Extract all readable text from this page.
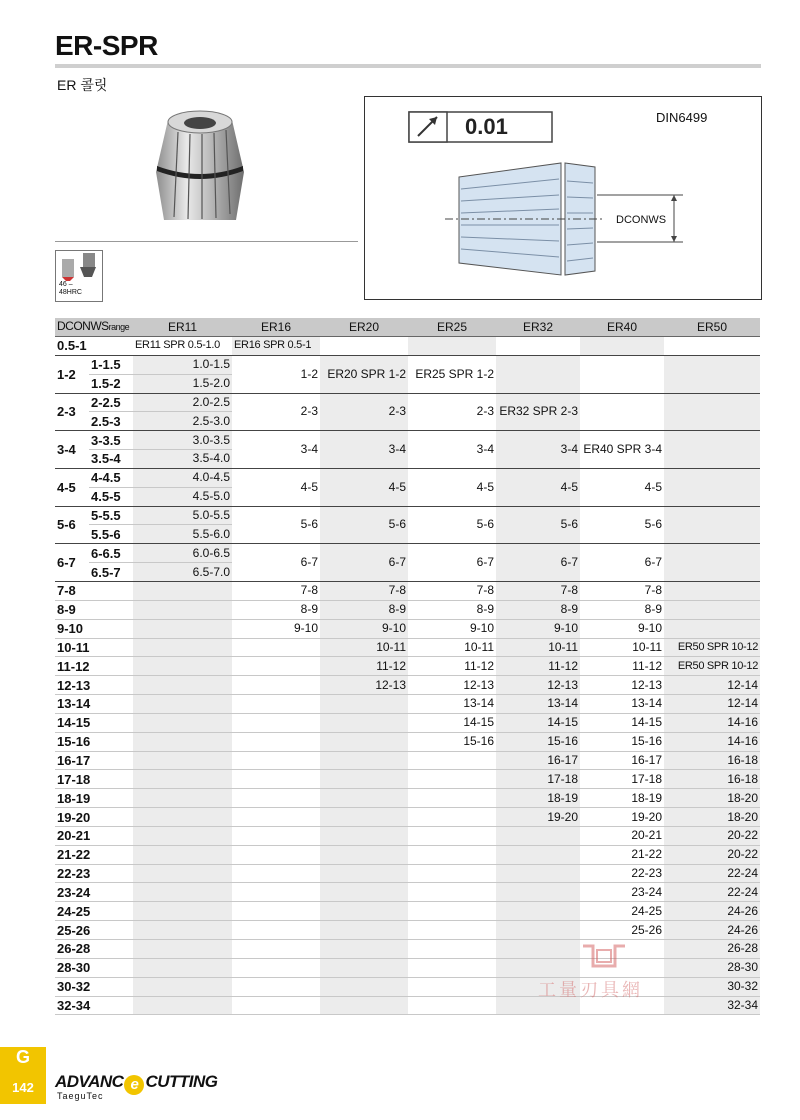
ER-SPR
ER 콜릿
46 –
48HRC
0.01	DIN6499
DCONWS
DCONWSrange		ER11	ER16	ER20	ER25	ER32	ER40	ER50
0.5-1		ER11 SPR 0.5-1.0	ER16 SPR 0.5-1					
1-2	1-1.5	1.0-1.5	1-2	ER20 SPR 1-2	ER25 SPR 1-2			
	1.5-2	1.5-2.0						
2-3	2-2.5	2.0-2.5	2-3	2-3	2-3	ER32 SPR 2-3		
	2.5-3	2.5-3.0						
3-4	3-3.5	3.0-3.5	3-4	3-4	3-4	3-4	ER40 SPR 3-4	
	3.5-4	3.5-4.0						
4-5	4-4.5	4.0-4.5	4-5	4-5	4-5	4-5	4-5	
	4.5-5	4.5-5.0						
5-6	5-5.5	5.0-5.5	5-6	5-6	5-6	5-6	5-6	
	5.5-6	5.5-6.0						
6-7	6-6.5	6.0-6.5	6-7	6-7	6-7	6-7	6-7	
	6.5-7	6.5-7.0						
7-8			7-8	7-8	7-8	7-8	7-8	
8-9			8-9	8-9	8-9	8-9	8-9	
9-10			9-10	9-10	9-10	9-10	9-10	
10-11				10-11	10-11	10-11	10-11	ER50 SPR 10-12
11-12				11-12	11-12	11-12	11-12	ER50 SPR 10-12
12-13				12-13	12-13	12-13	12-13	12-14
13-14					13-14	13-14	13-14	12-14
14-15					14-15	14-15	14-15	14-16
15-16					15-16	15-16	15-16	14-16
16-17						16-17	16-17	16-18
17-18						17-18	17-18	16-18
18-19						18-19	18-19	18-20
19-20						19-20	19-20	18-20
20-21							20-21	20-22
21-22							21-22	20-22
22-23							22-23	22-24
23-24							23-24	22-24
24-25							24-25	24-26
25-26							25-26	24-26
26-28								26-28
28-30								28-30
30-32								30-32
32-34								32-34
工量刃具網
G
142	ADVANC e CUTTING
TaeguTec
